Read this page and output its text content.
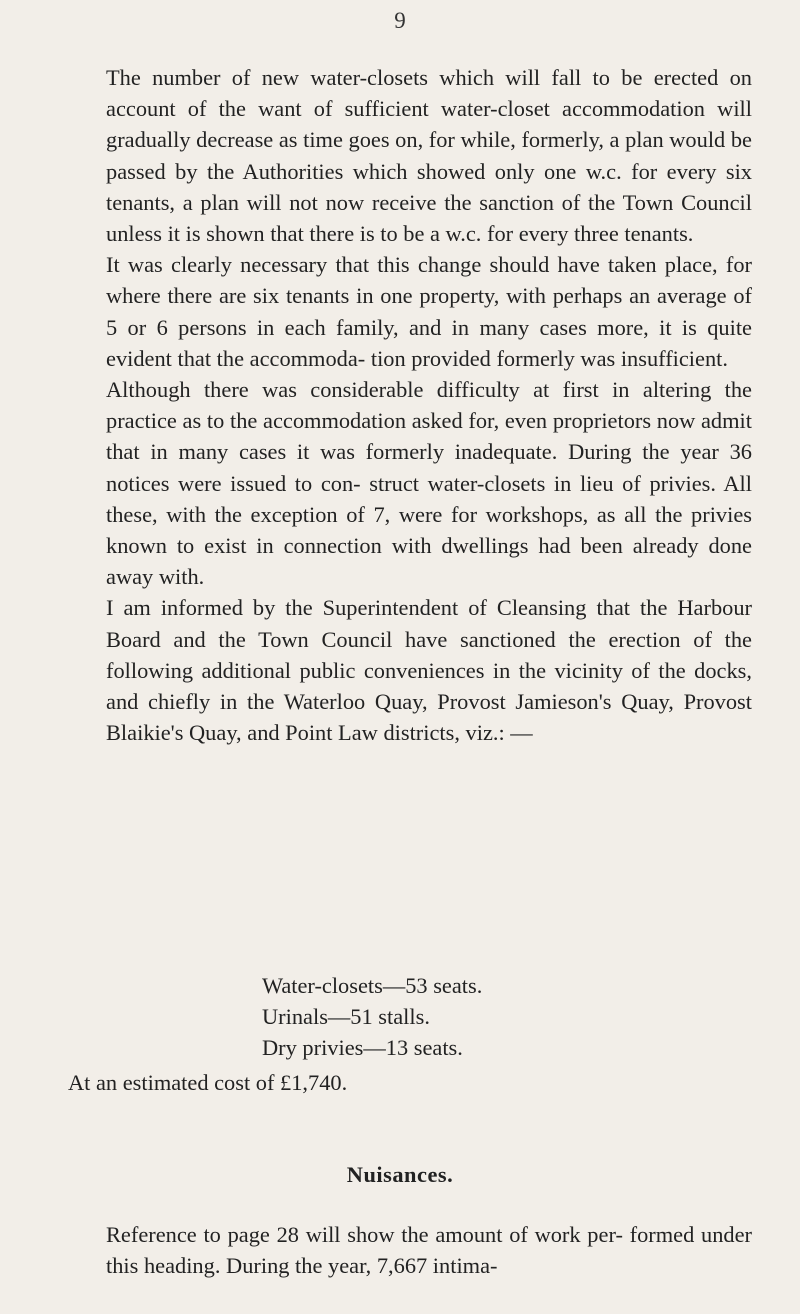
9

The number of new water-closets which will fall to be erected on account of the want of sufficient water-closet accommodation will gradually decrease as time goes on, for while, formerly, a plan would be passed by the Authorities which showed only one w.c. for every six tenants, a plan will not now receive the sanction of the Town Council unless it is shown that there is to be a w.c. for every three tenants.

It was clearly necessary that this change should have taken place, for where there are six tenants in one property, with perhaps an average of 5 or 6 persons in each family, and in many cases more, it is quite evident that the accommoda- tion provided formerly was insufficient.

Although there was considerable difficulty at first in altering the practice as to the accommodation asked for, even proprietors now admit that in many cases it was formerly inadequate. During the year 36 notices were issued to con- struct water-closets in lieu of privies. All these, with the exception of 7, were for workshops, as all the privies known to exist in connection with dwellings had been already done away with.

I am informed by the Superintendent of Cleansing that the Harbour Board and the Town Council have sanctioned the erection of the following additional public conveniences in the vicinity of the docks, and chiefly in the Waterloo Quay, Provost Jamieson's Quay, Provost Blaikie's Quay, and Point Law districts, viz.: —

Water-closets—53 seats.
Urinals—51 stalls.
Dry privies—13 seats.
At an estimated cost of £1,740.
Nuisances.

Reference to page 28 will show the amount of work per- formed under this heading. During the year, 7,667 intima-
